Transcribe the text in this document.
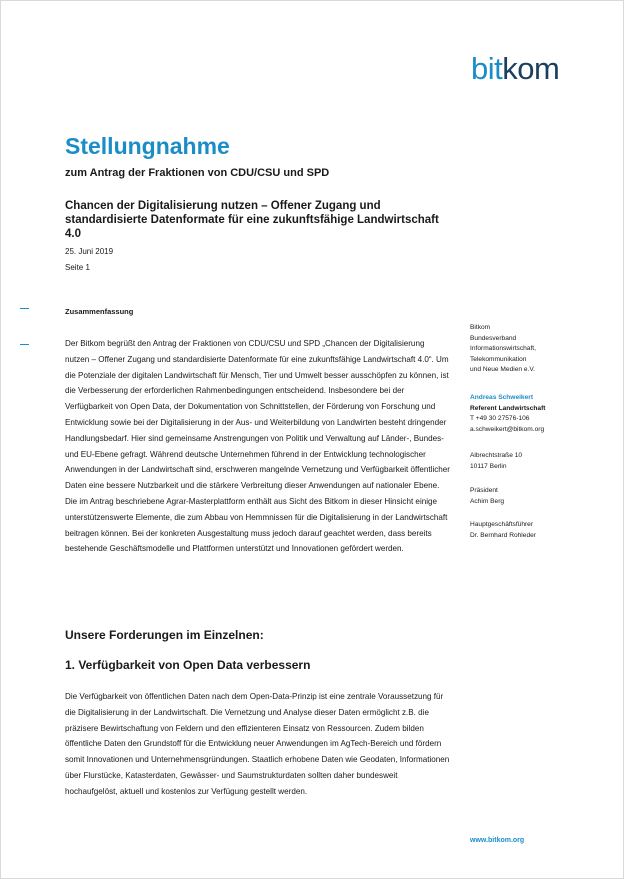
bitkom
Stellungnahme

zum Antrag der Fraktionen von CDU/CSU und SPD

Chancen der Digitalisierung nutzen – Offener Zugang und standardisierte Datenformate für eine zukunftsfähige Landwirtschaft 4.0

25. Juni 2019
Seite 1
Zusammenfassung

Der Bitkom begrüßt den Antrag der Fraktionen von CDU/CSU und SPD „Chancen der Digitalisierung nutzen – Offener Zugang und standardisierte Datenformate für eine zukunftsfähige Landwirtschaft 4.0“. Um die Potenziale der digitalen Landwirtschaft für Mensch, Tier und Umwelt besser ausschöpfen zu können, ist die Verbesserung der erforderlichen Rahmenbedingungen entscheidend. Insbesondere bei der Verfügbarkeit von Open Data, der Dokumentation von Schnittstellen, der Förderung von Forschung und Entwicklung sowie bei der Digitalisierung in der Aus- und Weiterbildung von Landwirten besteht dringender Handlungsbedarf. Hier sind gemeinsame Anstrengungen von Politik und Verwaltung auf Länder-, Bundes- und EU-Ebene gefragt. Während deutsche Unternehmen führend in der Entwicklung technologischer Anwendungen in der Landwirtschaft sind, erschweren mangelnde Vernetzung und Verfügbarkeit öffentlicher Daten eine bessere Nutzbarkeit und die stärkere Verbreitung dieser Anwendungen auf nationaler Ebene. Die im Antrag beschriebene Agrar-Masterplattform enthält aus Sicht des Bitkom in dieser Hinsicht einige unterstützenswerte Elemente, die zum Abbau von Hemmnissen für die Digitalisierung in der Landwirtschaft beitragen können. Bei der konkreten Ausgestaltung muss jedoch darauf geachtet werden, dass bereits bestehende Geschäftsmodelle und Plattformen unterstützt und Innovationen gefördert werden.

Unsere Forderungen im Einzelnen:
1. Verfügbarkeit von Open Data verbessern

Die Verfügbarkeit von öffentlichen Daten nach dem Open-Data-Prinzip ist eine zentrale Voraussetzung für die Digitalisierung in der Landwirtschaft. Die Vernetzung und Analyse dieser Daten ermöglicht z.B. die präzisere Bewirtschaftung von Feldern und den effizienteren Einsatz von Ressourcen. Zudem bilden öffentliche Daten den Grundstoff für die Entwicklung neuer Anwendungen im AgTech-Bereich und fördern somit Innovationen und Unternehmensgründungen. Staatlich erhobene Daten wie Geodaten, Informationen über Flurstücke, Katasterdaten, Gewässer- und Saumstrukturdaten sollten daher bundesweit hochaufgelöst, aktuell und kostenlos zur Verfügung gestellt werden.

Bitkom
Bundesverband
Informationswirtschaft,
Telekommunikation
und Neue Medien e.V.
Andreas Schweikert
Referent Landwirtschaft
T +49 30 27576-106
a.schweikert@bitkom.org
Albrechtstraße 10
10117 Berlin
Präsident
Achim Berg
Hauptgeschäftsführer
Dr. Bernhard Rohleder
www.bitkom.org
